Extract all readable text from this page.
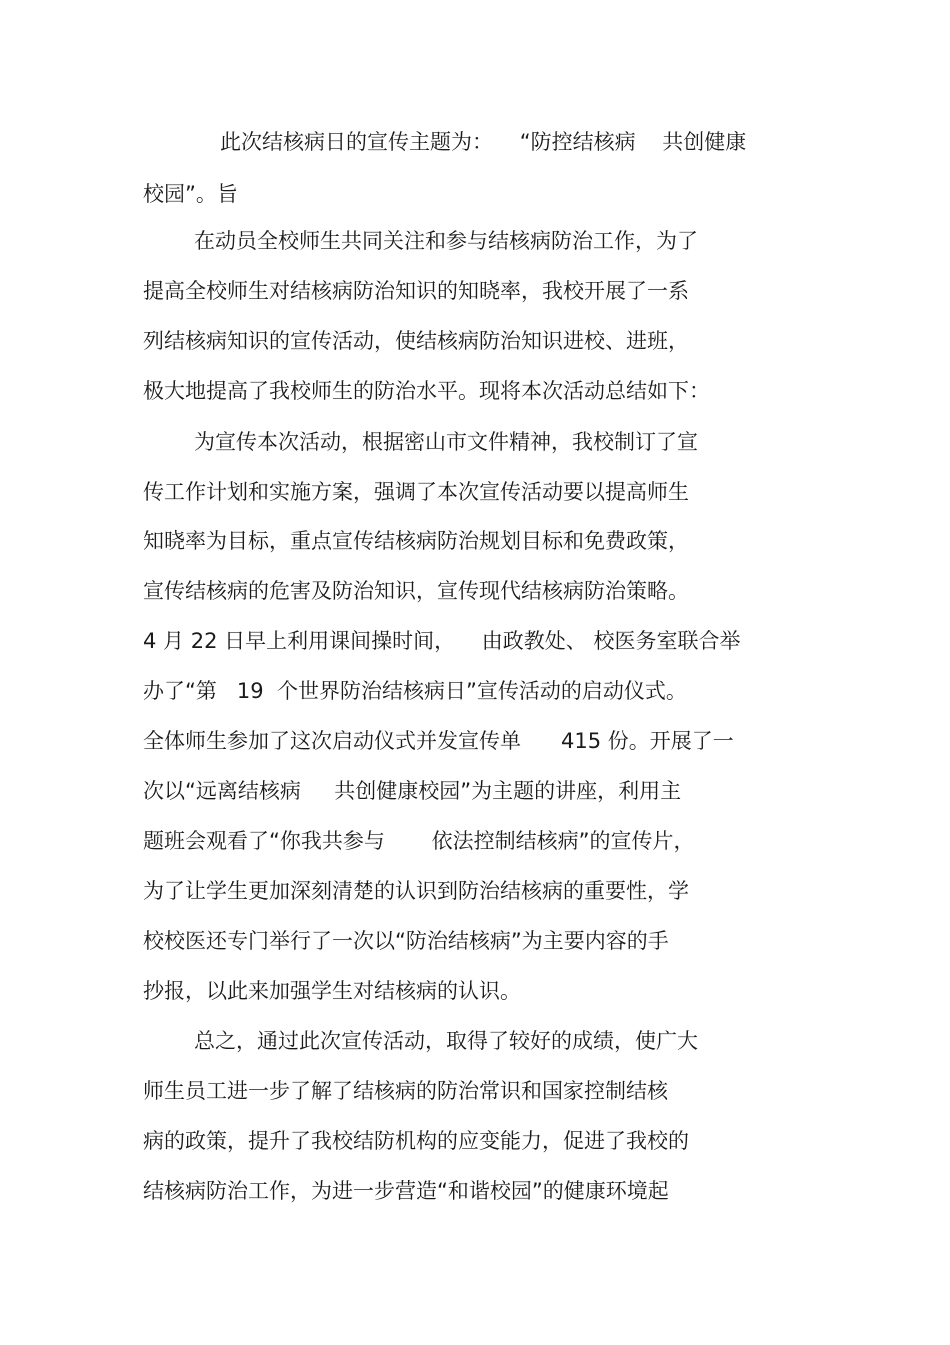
此次结核病日的宣传主题为：    “防控结核病    共创健康
校园”。旨
在动员全校师生共同关注和参与结核病防治工作，为了
提高全校师生对结核病防治知识的知晓率，我校开展了一系
列结核病知识的宣传活动，使结核病防治知识进校、进班，
极大地提高了我校师生的防治水平。现将本次活动总结如下：
为宣传本次活动，根据密山市文件精神，我校制订了宣
传工作计划和实施方案，强调了本次宣传活动要以提高师生
知晓率为目标，重点宣传结核病防治规划目标和免费政策，
宣传结核病的危害及防治知识，宣传现代结核病防治策略。
4 月 22 日早上利用课间操时间，    由政教处、 校医务室联合举
办了“第   19  个世界防治结核病日”宣传活动的启动仪式。
全体师生参加了这次启动仪式并发宣传单      415 份。开展了一
次以“远离结核病     共创健康校园”为主题的讲座，利用主
题班会观看了“你我共参与       依法控制结核病”的宣传片，
为了让学生更加深刻清楚的认识到防治结核病的重要性，学
校校医还专门举行了一次以“防治结核病”为主要内容的手
抄报，以此来加强学生对结核病的认识。
总之，通过此次宣传活动，取得了较好的成绩，使广大
师生员工进一步了解了结核病的防治常识和国家控制结核
病的政策，提升了我校结防机构的应变能力，促进了我校的
结核病防治工作，为进一步营造“和谐校园”的健康环境起
